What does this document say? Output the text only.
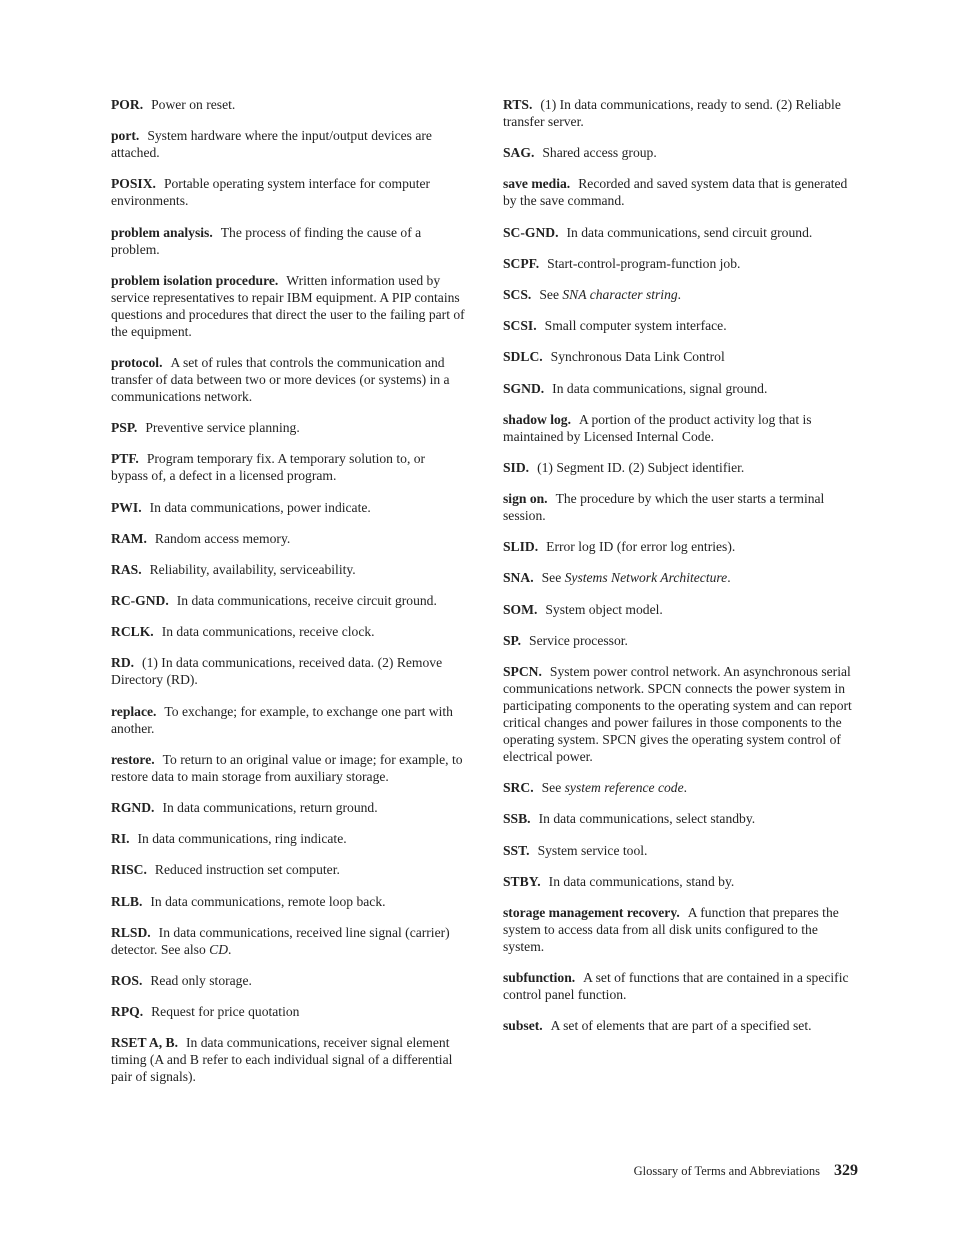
POR. Power on reset.

port. System hardware where the input/output devices are attached.

POSIX. Portable operating system interface for computer environments.

problem analysis. The process of finding the cause of a problem.

problem isolation procedure. Written information used by service representatives to repair IBM equipment. A PIP contains questions and procedures that direct the user to the failing part of the equipment.

protocol. A set of rules that controls the communication and transfer of data between two or more devices (or systems) in a communications network.

PSP. Preventive service planning.

PTF. Program temporary fix. A temporary solution to, or bypass of, a defect in a licensed program.

PWI. In data communications, power indicate.

RAM. Random access memory.

RAS. Reliability, availability, serviceability.

RC-GND. In data communications, receive circuit ground.

RCLK. In data communications, receive clock.

RD. (1) In data communications, received data. (2) Remove Directory (RD).

replace. To exchange; for example, to exchange one part with another.

restore. To return to an original value or image; for example, to restore data to main storage from auxiliary storage.

RGND. In data communications, return ground.

RI. In data communications, ring indicate.

RISC. Reduced instruction set computer.

RLB. In data communications, remote loop back.

RLSD. In data communications, received line signal (carrier) detector. See also CD.

ROS. Read only storage.

RPQ. Request for price quotation

RSET A, B. In data communications, receiver signal element timing (A and B refer to each individual signal of a differential pair of signals).

RTS. (1) In data communications, ready to send. (2) Reliable transfer server.

SAG. Shared access group.

save media. Recorded and saved system data that is generated by the save command.

SC-GND. In data communications, send circuit ground.

SCPF. Start-control-program-function job.

SCS. See SNA character string.

SCSI. Small computer system interface.

SDLC. Synchronous Data Link Control

SGND. In data communications, signal ground.

shadow log. A portion of the product activity log that is maintained by Licensed Internal Code.

SID. (1) Segment ID. (2) Subject identifier.

sign on. The procedure by which the user starts a terminal session.

SLID. Error log ID (for error log entries).

SNA. See Systems Network Architecture.

SOM. System object model.

SP. Service processor.

SPCN. System power control network. An asynchronous serial communications network. SPCN connects the power system in participating components to the operating system and can report critical changes and power failures in those components to the operating system. SPCN gives the operating system control of electrical power.

SRC. See system reference code.

SSB. In data communications, select standby.

SST. System service tool.

STBY. In data communications, stand by.

storage management recovery. A function that prepares the system to access data from all disk units configured to the system.

subfunction. A set of functions that are contained in a specific control panel function.

subset. A set of elements that are part of a specified set.

Glossary of Terms and Abbreviations 329
